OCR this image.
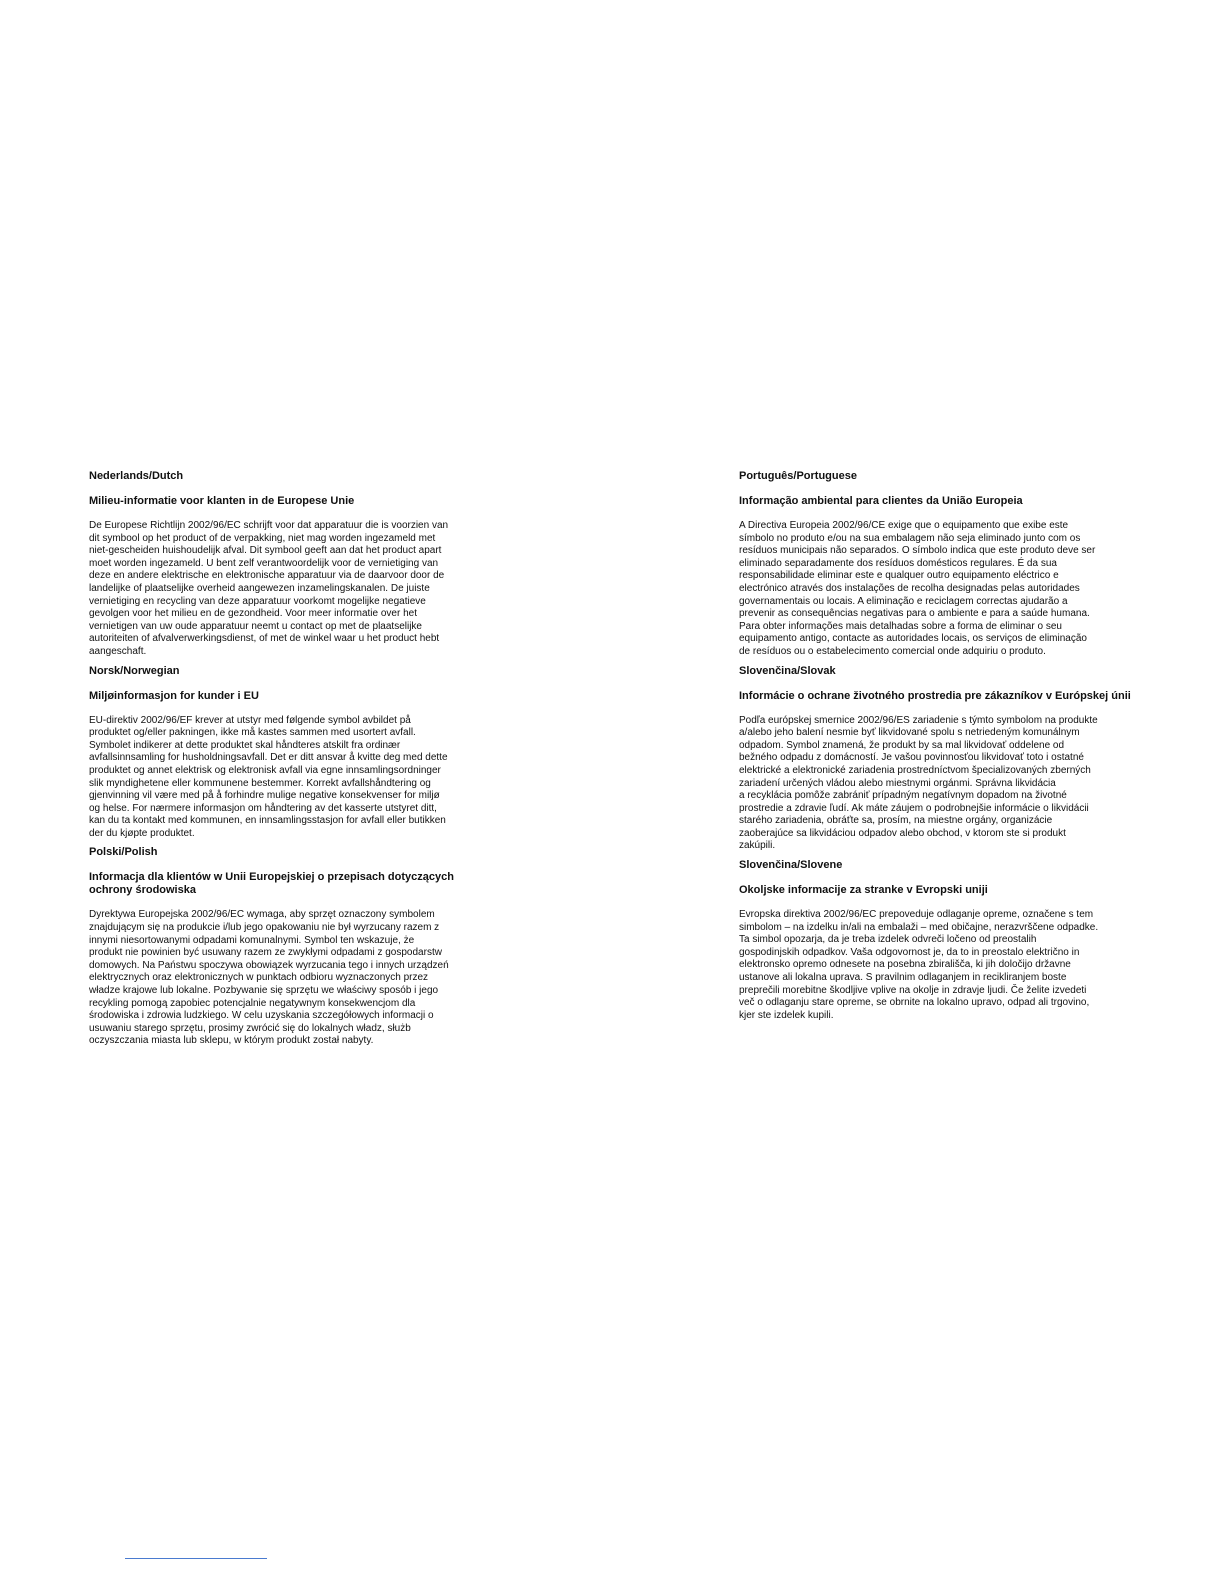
Nederlands/Dutch
Milieu-informatie voor klanten in de Europese Unie
De Europese Richtlijn 2002/96/EC schrijft voor dat apparatuur die is voorzien van
dit symbool op het product of de verpakking, niet mag worden ingezameld met
niet-gescheiden huishoudelijk afval. Dit symbool geeft aan dat het product apart
moet worden ingezameld. U bent zelf verantwoordelijk voor de vernietiging van
deze en andere elektrische en elektronische apparatuur via de daarvoor door de
landelijke of plaatselijke overheid aangewezen inzamelingskanalen. De juiste
vernietiging en recycling van deze apparatuur voorkomt mogelijke negatieve
gevolgen voor het milieu en de gezondheid. Voor meer informatie over het
vernietigen van uw oude apparatuur neemt u contact op met de plaatselijke
autoriteiten of afvalverwerkingsdienst, of met de winkel waar u het product hebt
aangeschaft.
Norsk/Norwegian
Miljøinformasjon for kunder i EU
EU-direktiv 2002/96/EF krever at utstyr med følgende symbol avbildet på
produktet og/eller pakningen, ikke må kastes sammen med usortert avfall.
Symbolet indikerer at dette produktet skal håndteres atskilt fra ordinær
avfallsinnsamling for husholdningsavfall. Det er ditt ansvar å kvitte deg med dette
produktet og annet elektrisk og elektronisk avfall via egne innsamlingsordninger
slik myndighetene eller kommunene bestemmer. Korrekt avfallshåndtering og
gjenvinning vil være med på å forhindre mulige negative konsekvenser for miljø
og helse. For nærmere informasjon om håndtering av det kasserte utstyret ditt,
kan du ta kontakt med kommunen, en innsamlingsstasjon for avfall eller butikken
der du kjøpte produktet.
Polski/Polish
Informacja dla klientów w Unii Europejskiej o przepisach dotyczących ochrony środowiska
Dyrektywa Europejska 2002/96/EC wymaga, aby sprzęt oznaczony symbolem
znajdującym się na produkcie i/lub jego opakowaniu nie był wyrzucany razem z
innymi niesortowanymi odpadami komunalnymi. Symbol ten wskazuje, że
produkt nie powinien być usuwany razem ze zwykłymi odpadami z gospodarstw
domowych. Na Państwu spoczywa obowiązek wyrzucania tego i innych urządzeń
elektrycznych oraz elektronicznych w punktach odbioru wyznaczonych przez
władze krajowe lub lokalne. Pozbywanie się sprzętu we właściwy sposób i jego
recykling pomogą zapobiec potencjalnie negatywnym konsekwencjom dla
środowiska i zdrowia ludzkiego. W celu uzyskania szczegółowych informacji o
usuwaniu starego sprzętu, prosimy zwrócić się do lokalnych władz, służb
oczyszczania miasta lub sklepu, w którym produkt został nabyty.
Português/Portuguese
Informação ambiental para clientes da União Europeia
A Directiva Europeia 2002/96/CE exige que o equipamento que exibe este
símbolo no produto e/ou na sua embalagem não seja eliminado junto com os
resíduos municipais não separados. O símbolo indica que este produto deve ser
eliminado separadamente dos resíduos domésticos regulares. É da sua
responsabilidade eliminar este e qualquer outro equipamento eléctrico e
electrónico através dos instalações de recolha designadas pelas autoridades
governamentais ou locais. A eliminação e reciclagem correctas ajudarão a
prevenir as consequências negativas para o ambiente e para a saúde humana.
Para obter informações mais detalhadas sobre a forma de eliminar o seu
equipamento antigo, contacte as autoridades locais, os serviços de eliminação
de resíduos ou o estabelecimento comercial onde adquiriu o produto.
Slovenčina/Slovak
Informácie o ochrane životného prostredia pre zákazníkov v Európskej únii
Podľa európskej smernice 2002/96/ES zariadenie s týmto symbolom na produkte
a/alebo jeho balení nesmie byť likvidované spolu s netriedeným komunálnym
odpadom. Symbol znamená, že produkt by sa mal likvidovať oddelene od
bežného odpadu z domácností. Je vašou povinnosťou likvidovať toto i ostatné
elektrické a elektronické zariadenia prostredníctvom špecializovaných zberných
zariadení určených vládou alebo miestnymi orgánmi. Správna likvidácia
a recyklácia pomôže zabrániť prípadným negatívnym dopadom na životné
prostredie a zdravie ľudí. Ak máte záujem o podrobnejšie informácie o likvidácii
starého zariadenia, obráťte sa, prosím, na miestne orgány, organizácie
zaoberajúce sa likvidáciou odpadov alebo obchod, v ktorom ste si produkt
zakúpili.
Slovenčina/Slovene
Okoljske informacije za stranke v Evropski uniji
Evropska direktiva 2002/96/EC prepoveduje odlaganje opreme, označene s tem
simbolom – na izdelku in/ali na embalaži – med običajne, nerazvrščene odpadke.
Ta simbol opozarja, da je treba izdelek odvreči ločeno od preostalih
gospodinjskih odpadkov. Vaša odgovornost je, da to in preostalo električno in
elektronsko opremo odnesete na posebna zbirališča, ki jih določijo državne
ustanove ali lokalna uprava. S pravilnim odlaganjem in recikliranjem boste
preprečili morebitne škodljive vplive na okolje in zdravje ljudi. Če želite izvedeti
več o odlaganju stare opreme, se obrnite na lokalno upravo, odpad ali trgovino,
kjer ste izdelek kupili.
